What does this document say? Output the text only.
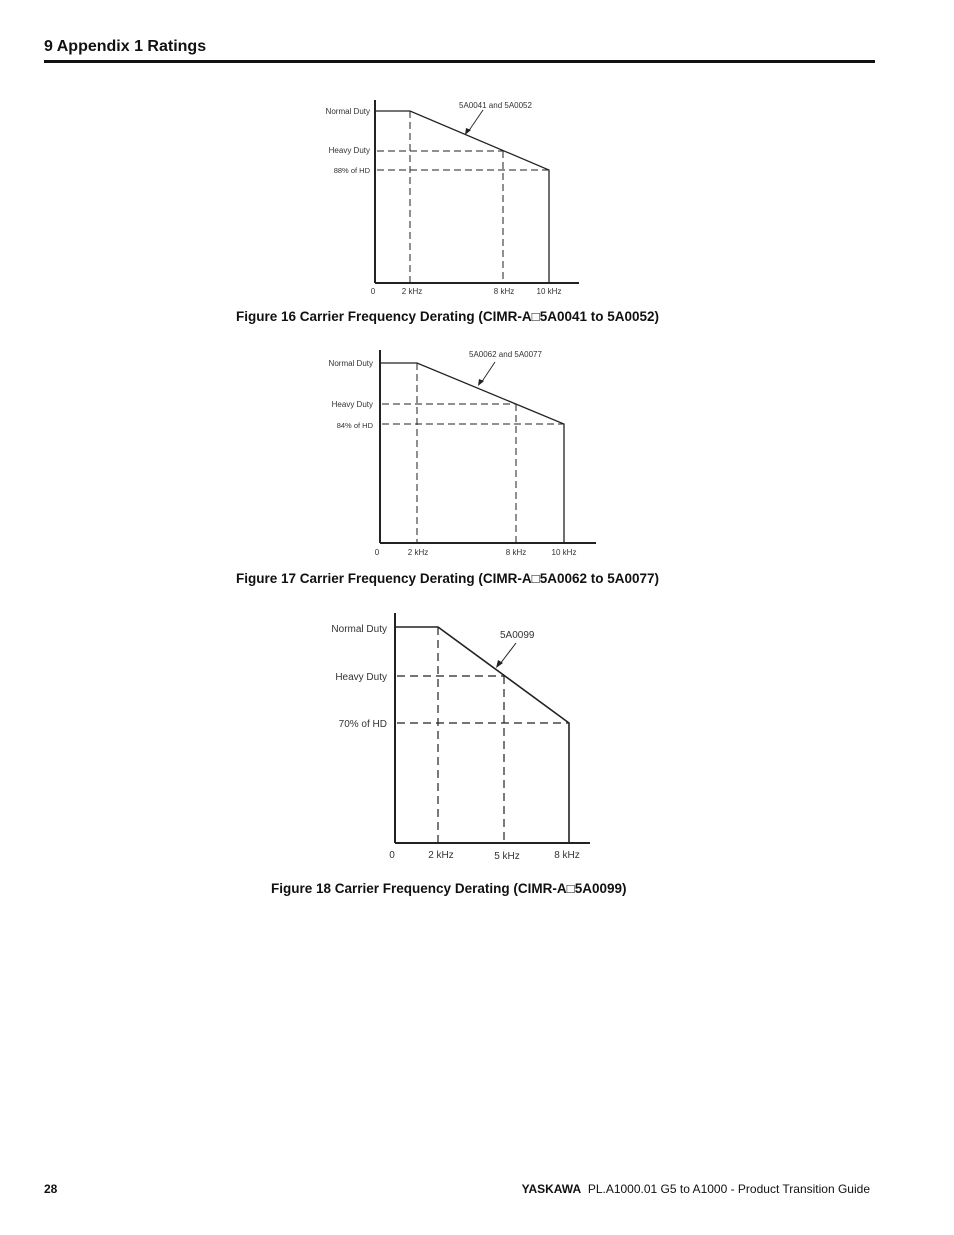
9 Appendix 1 Ratings
5A0041 and 5A0052
Normal Duty
Heavy Duty
88% of HD
0	2 kHz	8 kHz	10 kHz
Figure 16 Carrier Frequency Derating (CIMR-A□5A0041 to 5A0052)
5A0062 and 5A0077
Normal Duty
Heavy Duty
84% of HD
0	2 kHz	8 kHz	10 kHz
Figure 17 Carrier Frequency Derating (CIMR-A□5A0062 to 5A0077)
5A0099
Normal Duty
Heavy Duty
70% of HD
0	2 kHz	5 kHz	8 kHz
Figure 18 Carrier Frequency Derating (CIMR-A□5A0099)
28	YASKAWA PL.A1000.01 G5 to A1000 - Product Transition Guide
